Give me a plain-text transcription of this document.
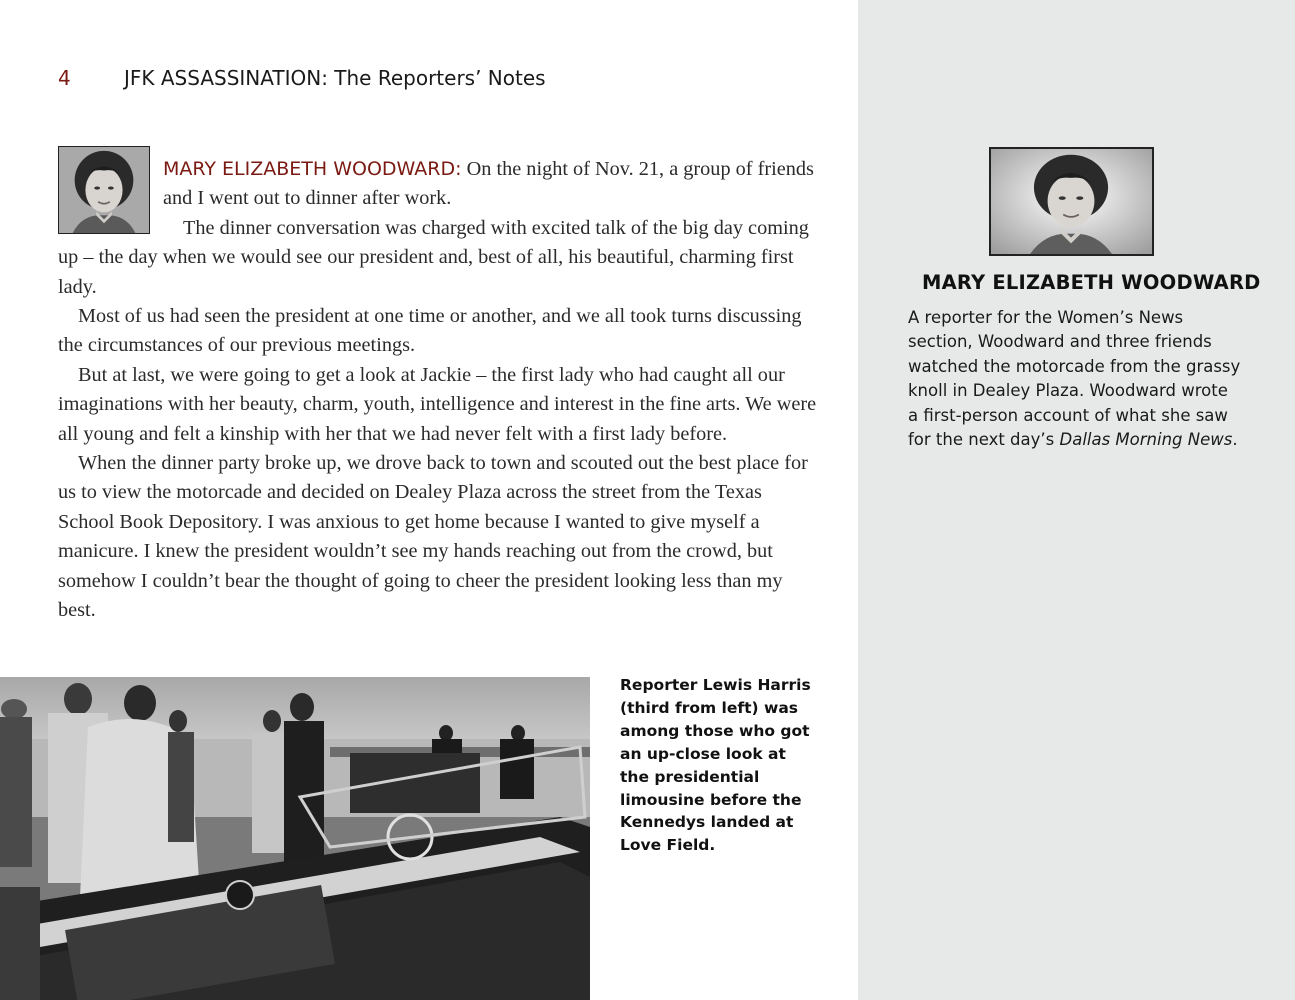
4	JFK ASSASSINATION: The Reporters’ Notes

MARY ELIZABETH WOODWARD: On the night of Nov. 21, a group of friends and I went out to dinner after work.

The dinner conversation was charged with excited talk of the big day coming up – the day when we would see our president and, best of all, his beautiful, charming first lady.

Most of us had seen the president at one time or another, and we all took turns discussing the circumstances of our previous meetings.

But at last, we were going to get a look at Jackie – the first lady who had caught all our imaginations with her beauty, charm, youth, intelligence and interest in the fine arts. We were all young and felt a kinship with her that we had never felt with a first lady before.

When the dinner party broke up, we drove back to town and scouted out the best place for us to view the motorcade and decided on Dealey Plaza across the street from the Texas School Book Depository. I was anxious to get home because I wanted to give myself a manicure. I knew the president wouldn’t see my hands reaching out from the crowd, but somehow I couldn’t bear the thought of going to cheer the president looking less than my best.

Reporter Lewis Harris (third from left) was among those who got an up-close look at the presidential limousine before the Kennedys landed at Love Field.
MARY ELIZABETH WOODWARD
A reporter for the Women’s News section, Woodward and three friends watched the motorcade from the grassy knoll in Dealey Plaza. Woodward wrote a first-person account of what she saw for the next day’s Dallas Morning News.
